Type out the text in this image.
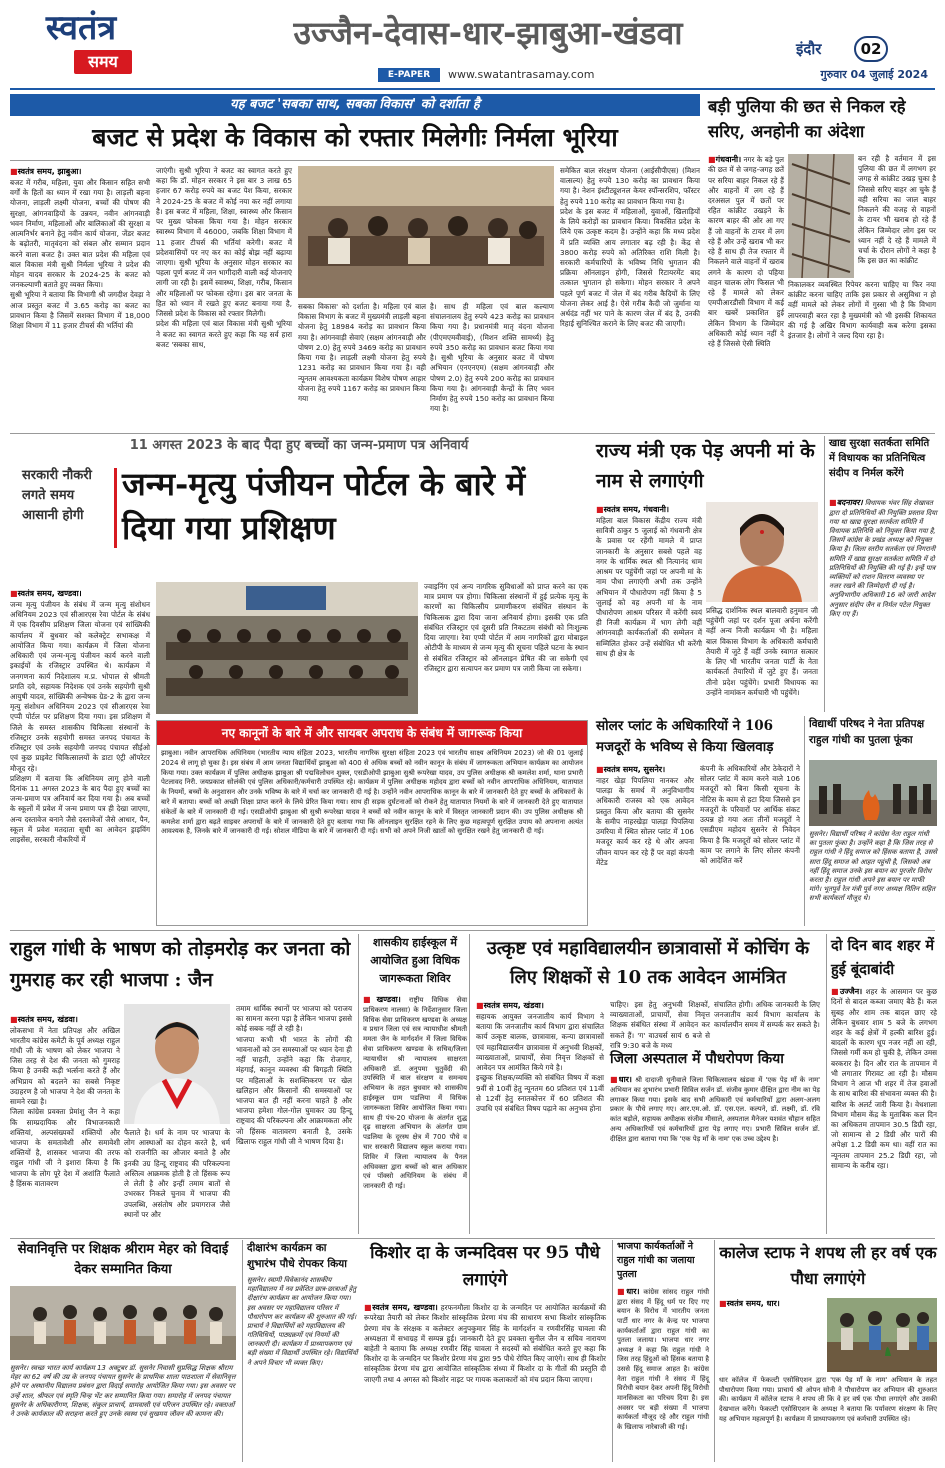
स्वतंत्र
समय
उज्जैन-देवास-धार-झाबुआ-खंडवा
E-PAPER	www.swatantrasamay.com
इंदौर	02
गुरुवार 04 जुलाई 2024
यह बजट 'सबका साथ, सबका विकास' को दर्शाता है
बजट से प्रदेश के विकास को रफ्तार मिलेगीः निर्मला भूरिया
■ स्वतंत्र समय, झाबुआ।
बजट में गरीब, महिला, युवा और किसान सहित सभी वर्गों के हितों का ध्यान में रखा गया है। लाड़ली बहना योजना, लाड़ली लक्ष्मी योजना, बच्चों की पोषण की सुरक्षा, आंगनवाड़ियों के उन्नयन, नवीन आंगनवाड़ी भवन निर्माण, महिलाओं और बालिकाओं की सुरक्षा व आत्मनिर्भर बनाने हेतु नवीन कार्य योजना, जेंडर बजट के बढ़ोतरी, मातृवंदना को संबल और सम्मान प्रदान करने वाला बजट है। उक्त बात प्रदेश की महिला एवं बाल विकास मंत्री सुश्री निर्मला भूरिया ने प्रदेश की मोहन यादव सरकार के 2024-25 के बजट को जनकल्याणी बताते हुए व्यक्त किया।
सुश्री भूरिया ने बताया कि विभागी श्री जगदीश देवड़ा ने आज प्रस्तुत बजट में 3.65 करोड़ का बजट का प्रावधान किया है जिसमें सशक्त विभाग में 18,000 शिक्षा विभाग में 11 हजार टीचर्स की भर्तियां की
जाएंगी। सुश्री भूरिया ने बजट का स्वागत करते हुए कहा कि डॉ. मोहन सरकार ने इस बार 3 लाख 65 हजार 67 करोड़ रुपये का बजट पेश किया, सरकार ने 2024-25 के बजट में कोई नया कर नहीं लगाया है। इस बजट में महिला, शिक्षा, स्वास्थ्य और किसान पर मुख्य फोकस किया गया है। मोहन सरकार स्वास्थ्य विभाग में 46000, जबकि शिक्षा विभाग में 11 हजार टीचर्स की भर्तियां करेगी। बजट में प्रदेशवासियों पर नए कर का कोई बोझ नहीं बढ़ाया जाएगा। सुश्री भूरिया के अनुसार मोहन सरकार का पहला पूर्ण बजट में जन भागीदारी वाली कई योजनाएं लागी जा रही है। इसमें स्वास्थ्य, शिक्षा, गरीब, किसान और महिलाओं पर फोकस रहेगा। इस बार जनता के हित को ध्यान में रखते हुए बजट बनाया गया है, जिससे प्रदेश के विकास को रफ्तार मिलेगी।
प्रदेश की महिला एवं बाल विकास मंत्री सुश्री भूरिया ने बजट का स्वागत करते हुए कहा कि यह सर्व हारा बजट 'सबका साथ,
सबका विकास' को दर्शाता है। महिला एवं बाल विकास विभाग के बजट में मुख्यमंत्री लाड़ली बहना योजना हेतु 18984 करोड़ का प्रावधान किया गया है। आंगनवाड़ी सेवाएं (सक्षम आंगनवाड़ी और पोषण 2.0) हेतु रुपये 3469 करोड़ का प्रावधान किया गया है। लाड़ली लक्ष्मी योजना हेतु रुपये 1231 करोड़ का प्रावधान किया गया है। वही न्यूनतम आवश्यकता कार्यक्रम विशेष पोषण आहार योजना हेतु रुपये 1167 करोड़ का प्रावधान किया गया
है। साथ ही महिला एवं बाल कल्याण संचालनालय हेतु रुपये 423 करोड़ का प्रावधान किया गया है। प्रधानमंत्री मातृ वंदना योजना (पीएमएमवीवाई), (मिशन शक्ति सामर्थ्य) हेतु रुपये 350 करोड़ का प्रावधान बजट किया गया है। सुश्री भूरिया के अनुसार बजट में पोषण अभियान (एनएनएम) (सक्षम आंगनवाड़ी और पोषण 2.0) हेतु रुपये 200 करोड़ का प्रावधान किया गया है। आंगनवाड़ी केन्द्रों के लिए भवन निर्माण हेतु रुपये 150 करोड़ का प्रावधान किया गया है।
समेकित बाल संरक्षण योजना (आईसीपीएस) (मिशन वात्सल्य) हेतु रुपये 130 करोड़ का प्रावधान किया गया है। नेशन इंस्टीट्यूशनल केयर स्पॉन्सरशिप, फॉस्टर हेतु रुपये 110 करोड़ का प्रावधान किया गया है।
प्रदेश के इस बजट में महिलाओं, युवाओं, खिलाड़ियों के लिये करोड़ों का प्रावधान किया। विकसित प्रदेश के लिये एक उत्कृष्ट कदम है। उन्होंने कहा कि मध्य प्रदेश में प्रति व्यक्ति आय लगातार बढ़ रही है। केंद्र से 3800 करोड़ रुपये को अतिरिक्त राशि मिली है। सरकारी कर्मचारियों के भविष्य निधि भुगतान की प्रक्रिया ऑनलाइन होगी, जिससे रिटायरमेंट बाद तत्काल भुगतान हो सकेगा। मोहन सरकार ने अपने पहले पूर्ण बजट में जेल में बंद गरीब कैदियों के लिए योजना लेकर आई है। ऐसे गरीब कैदी जो जुर्माना या अर्थदंड नहीं भर पाने के कारण जेल में बंद है, उनकी रिहाई सुनिश्चित कराने के लिए बजट की जाएगी।
बड़ी पुलिया की छत से निकल रहे सरिए, अनहोनी का अंदेशा
■ गंधवानी। नगर के बड़े पुल की छत में से जगह-जगह छतें पर सरिया बाहर निकल रहे हैं और वाहनों में लग रहे हैं दरअसल पुल में छतों पर रहित कांक्रीट उखड़ने के कारण बाहर की ओर आ गए हैं जो वाहनों के टायर में लग रहे हैं और उन्हें खराब भी कर रहे हैं साथ ही तेज रफ्तार में निकलने वाले वाहनों में खराब लगने के कारण दो पहिया वाहन चालक लोग फिसल भी रहे हैं मामले को लेकर एमपीआरडीसी विभाग में कई बार खबरें प्रकाशित हुई लेकिन विभाग के जिम्मेदार अधिकारी कोई ध्यान नहीं दे रहे हैं जिससे ऐसी स्थिति
बन रही है वर्तमान में इस पुलिया की छत में लगभग हर जगह से कांक्रीट उखड़ चुका है जिससे सरिए बाहर आ चुके हैं वही सरिया का जाल बाहर निकलने की वजह से वाहनों के टायर भी खराब हो रहे हैं लेकिन जिम्मेदार लोग इस पर ध्यान नहीं दे रहे हैं मामले में चर्चा के दौरान लोगों ने कहा है कि इस छत का कांक्रीट
निकालकर व्यवस्थित रिपेयर करना चाहिए या फिर नया कांक्रीट करना चाहिए ताकि इस प्रकार से असुविधा न हो वहीं मामले को लेकर लोगों में गुस्सा भी है कि विभाग लापरवाही बरत रहा है मुख्यमंत्री को भी इसकी शिकायत की गई है अखिर विभाग कार्यवाही कब करेगा इसका इंतजार है। लोगों ने जल्द दिया रहा है।
11 अगस्त 2023 के बाद पैदा हुए बच्चों का जन्म-प्रमाण पत्र अनिवार्य
सरकारी नौकरी लगते समय आसानी होगी
जन्म-मृत्यु पंजीयन पोर्टल के बारे में दिया गया प्रशिक्षण
■ स्वतंत्र समय, खण्डवा।
जन्म मृत्यु पंजीयन के संबंध में जन्म मृत्यु संशोधन अधिनियम 2023 एवं सीआरएस रेवा पोर्टल के संबंध में एक दिवसीय प्रशिक्षण जिला योजना एवं सांख्यिकी कार्यालय में बुधवार को कलेक्ट्रेट सभाकक्ष में आयोजित किया गया। कार्यक्रम में जिला योजना अधिकारी एवं जन्म-मृत्यु पंजीयन कार्य करने वाली इकाईयों के रजिस्ट्रार उपस्थित थे। कार्यक्रम में जनगणना कार्य निदेशालय म.प्र. भोपाल से श्रीमती प्रगति दवे, सहायक निदेशक एवं उनके सहयोगी सुश्री आयुषी यादव, सांख्यिकी अन्वेषक ग्रेड-2 के द्वारा जन्म मृत्यु संशोधन अधिनियम 2023 एवं सीआरएस रेवा एप्पी पोर्टल पर प्रशिक्षण दिया गया। इस प्रशिक्षण में जिले के समस्त शासकीय चिकित्सा संस्थानों के रजिस्ट्रार उनके सहयोगी समस्त जनपद पंचायत के रजिस्ट्रार एवं उनके सहयोगी जनपद पंचायत सीईओ एवं कुछ प्राइवेट चिकित्सालयों के डाटा एंट्री ऑपरेटर मौजूद रहे।
प्रशिक्षण में बताया कि अधिनियम लागू होने वाली दिनांक 11 अगस्त 2023 के बाद पैदा हुए बच्चों का जन्म-प्रमाण पत्र अनिवार्य कर दिया गया है। अब बच्चों के स्कूलों में प्रवेश में जन्म प्रमाण पत्र ही देखा जाएगा, अन्य दस्तावेज बनाने जैसे दस्तावेजों जैसे आधार, पैन, स्कूल में प्रवेश मतदाता सूची का आवेदन ड्राइविंग लाइसेंस, सरकारी नौकरियों में
ज्वाइनिंग एवं अन्य नागरिक सुविधाओं को प्राप्त करने का एक मात्र प्रमाण पत्र होगा। चिकित्सा संस्थानों में हुई प्रत्येक मृत्यु के कारणों का चिकित्सीय प्रमाणीकरण संबंधित संस्थान के चिकित्सक द्वारा दिया जाना अनिवार्य होगा। इसकी एक प्रति संबंधित रजिस्ट्रार एवं दूसरी प्रति निकटतम संबंधी को निःशुल्क दिया जाएगा। रेवा एप्पी पोर्टल में आम नागरिकों द्वारा मोबाइल ओटीपी के माध्यम से जन्म मृत्यु की सूचना पहिले घटना के स्थान से संबंधित रजिस्ट्रार को ऑनलाइन प्रेषित की जा सकेगी एवं रजिस्ट्रार द्वारा सत्यापन कर प्रमाण पत्र जारी किया जा सकेगा।
राज्य मंत्री एक पेड़ अपनी मां के नाम से लगाएंगी
■ स्वतंत्र समय, गंधवानी।
महिला बाल विकास केंद्रीय राज्य मंत्री सावित्री ठाकुर 5 जुलाई को गंधवानी क्षेत्र के प्रवास पर रहेंगी मामले में प्राप्त जानकारी के अनुसार सबसे पहले वह नगर के धार्मिक स्थल श्री नित्यानंद धाम आश्रम पर पहुंचेंगी जहां पर अपनी मां के नाम पौधा लगाएंगी अभी तक उन्होंने अभियान में पौधारोपण नहीं किया है 5 जुलाई को वह अपनी मां के नाम पौधारोपण आश्रम परिसर में करेंगी स्वयं ही निजी कार्यक्रम में भाग लेगी वहीं आंगनवाड़ी कार्यकर्ताओं की सम्मेलन में सम्मिलित होकर उन्हें संबोधित भी करेंगी साथ ही क्षेत्र के
प्रसिद्ध दार्शनिक स्थल बालवारी हनुमान जी पहुंचेंगी जहां पर दर्शन पूजा अर्चना करेंगी वहीं अन्य निजी कार्यक्रम भी है। महिला बाल विकास विभाग के अधिकारी कर्मचारी तैयारी में जुटे हैं वहीं उनके स्वागत सत्कार के लिए भी भारतीय जनता पार्टी के नेता कार्यकर्ता तैयारियों में जुटे हुए हैं। जनता तीनो प्रदेश पहुंचेंगे। प्रभारी विधायक का उन्होंने नामांकन कर्मचारी भी पहुंचेंगे।
खाद्य सुरक्षा सतर्कता समिति में विधायक का प्रतिनिधित्व संदीप व निर्मल करेंगे
■ बदनावर। विधायक भंवर सिंह शेखावत द्वारा दो प्रतिनिधियों की नियुक्ति प्रस्ताव दिया गया था खाद्य सुरक्षा सतर्कता समिति में विधायक प्रतिनिधि को नियुक्त किया गया है, जिसमें कांग्रेस के प्रखंड अध्यक्ष को नियुक्त किया है। जिला स्तरीय सतर्कता एवं निगरानी समिति में खाद्य सुरक्षा सतर्कता समिति में दो प्रतिनिधियों की नियुक्ति की गई है। इन्हें पात्र व्यक्तियों को राशन वितरण व्यवस्था पर नजर रखने की जिम्मेदारी दी गई है। अनुविभागीय अधिकारी 16 को जारी आदेश अनुसार संदीप जैन व निर्मल पटेल नियुक्त किए गए हैं।
नए कानूनों के बारे में और सायबर अपराध के संबंध में जागरूक किया
झाबुआ। नवीन आपराधिक अधिनियम (भारतीय न्याय संहिता 2023, भारतीय नागरिक सुरक्षा संहिता 2023 एवं भारतीय साक्ष्य अधिनियम 2023) जो की 01 जुलाई 2024 से लागू हो चुका है। इस संबंध में आम जनता विद्यार्थियों झाबुआ को 400 से अधिक बच्चों को नवीन कानून के संबंध में जागरूकता अभियान कार्यक्रम का आयोजन किया गया। उक्त कार्यक्रम में पुलिस अधीक्षक झाबुआ श्री पद्मविलोचन शुक्ल, एसडीओपी झाबुआ सुश्री रूपरेखा यादव, उप पुलिस अधीक्षक श्री कमलेश शर्मा, थाना प्रभारी पेटलावद निरी. जयप्रकाश सोलंकी एवं पुलिस अधिकारी/कर्मचारी उपस्थित रहे। कार्यक्रम में पुलिस अधीक्षक महोदय द्वारा बच्चों को नवीन आपराधिक अधिनियम, यातायात के नियमों, बच्चों के अनुशासन और उनके भविष्य के बारे में चर्चा कर जानकारी दी गई है। उन्होंने नवीन आपराधिक कानून के बारे में जानकारी देते हुए बच्चों के अधिकारों के बारे में बताया। बच्चों को अच्छी शिक्षा प्राप्त करने के लिये प्रेरित किया गया। साथ ही सड़क दुर्घटनाओं को रोकने हेतु यातायात नियमों के बारे में जानकारी देते हुए यातायात संकेतों के बारे में जानकारी दी गई। एसडीओपी झाबुआ श्री सुश्री रूपरेखा यादव ने बच्चों को नवीन कानून के बारे में विस्तृत जानकारी प्रदान की। उप पुलिस अधीक्षक श्री कमलेश शर्मा द्वारा बढ़ते साइबर अपराधों के बारे में जानकारी देते हुए बताया गया कि ऑनलाइन सुरक्षित रहने के लिए कुछ महत्वपूर्ण सुरक्षित उपाय को अपनाना अत्यंत आवश्यक है, जिनके बारे में जानकारी दी गई। सोशल मीडिया के बारे में जानकारी दी गई। सभी को अपने निजी खातों को सुरक्षित रखने हेतु जानकारी दी गई।
सोलर प्लांट के अधिकारियों ने 106 मजदूरों के भविष्य से किया खिलवाड़
■ स्वतंत्र समय, सुसनेर।
नाहर खेड़ा पिपलिया नानकर और पालड़ा के समर्थ में अनुविभागीय अधिकारी राजस्व को एक आवेदन प्रस्तुत किया और बताया की सुसनेर के समीप नाहरखेड़ा पालड़ा पिपलिया उमरिया में स्थित सोलर प्लांट में 106 मजदूर कार्य कर रहे थे और अपना जीवन यापन कर रहे हैं पर वहां कंपनी मेंटेड
कंपनी के अधिकारियों और ठेकेदारों ने सोलर प्लांट में काम करने वाले 106 मजदूरों को बिना किसी सूचना के नोटिस के काम से हटा दिया जिससे इन मजदूरों के परिवारों पर आर्थिक संकट उत्पन्न हो गया अतः तीनों मजदूरों ने एसडीएम महोदय सुसनेर से निवेदन किया है कि मजदूरों को सोलर प्लांट में काम पर लगाने के लिए सोलर कंपनी को आदेशित करें
विद्यार्थी परिषद ने नेता प्रतिपक्ष राहुल गांधी का पुतला फूंका
सुसनेर। विद्यार्थी परिषद ने कांग्रेस नेता राहुल गांधी का पुतला फूंका है। उन्होंने कहा है कि जिस तरह से राहुल गांधी ने हिंदू समाज को हिंसक बताया है, उससे सारा हिंदू समाज को आहत पहुंची है, जिसको अब नहीं हिंदू समाज उनके इस बयान का पुरजोर विरोध करता है। राहुल गांधी अपने इस बयान पर माफी मांगे। भूतपूर्व रेल मंत्री पूर्व नगर अध्यक्ष नितिन सहित सभी कार्यकर्ता मौजूद थे।
राहुल गांधी के भाषण को तोड़मरोड़ कर जनता को गुमराह कर रही भाजपा : जैन

■ स्वतंत्र समय, खंडवा।
लोकसभा में नेता प्रतिपक्ष और अखिल भारतीय कांग्रेस कमेटी के पूर्व अध्यक्ष राहुल गांधी जी के भाषण को लेकर भाजपा ने जिस तरह से देश की जनता को गुमराह किया है उनकी कड़ी भर्त्सना करते हैं और अभिप्राय को बदलने का सबसे निकृष्ट उदाहरण है जो भाजपा ने देश की जनता के सामने रखा है।
जिला कांग्रेस प्रवक्ता प्रेमांशु जैन ने कहा कि साम्प्रदायिक और विभाजनकारी शक्तियां, अल्पसंख्यकों शक्तियों और भाजपा के समतावेशी और समावेशी शक्तियों है, शासकर भाजपा की तरफ राहुल गांधी जी ने इशारा किया है कि भाजपा के लोग पूरे देश में अशांति फैलाते है हिंसक वातावरण

फैलाते है। धर्म के नाम पर भाजपा के लोग आस्थाओं का दोहन करते है, धर्म को राजनीति का औजार बनाते है और इनकी उग्र हिन्दू राष्ट्रवाद की परिकल्पना अस्तित्व आक्रमक होती है तो हिंसक रूप ले लेती है और इन्हीं तमाम बातों से उभरकर निकले चुनाव में भाजपा की उपलब्धि, असंतोष और प्रयागराज जैसे स्थानों पर और
तमाम धार्मिक स्थानों पर भाजपा को पराजय का सामना करना पड़ा है लेकिन भाजपा इससे कोई सबक नहीं ले रही है।
भाजपा कभी भी भारत के लोगों की भावनाओं को उन समस्याओं पर ध्यान देना ही नहीं चाहती, उन्होंने कहा कि रोजगार, मंहगाई, कानून व्यवस्था की बिगड़ती स्थिति पर महिलाओं के सशक्तिकरण पर खेल खलिहान और किसानों की समस्याओं पर भाजपा बात ही नहीं करना चाहते है और भाजपा हमेशा गोल-गोल घुमाकर उग्र हिन्दू राष्ट्रवाद की परिकल्पना और आक्रामकता और जो हिंसक वातावरण बनाती है, उसके खिलाफ राहुल गांधी जी ने भाषण दिया है।
शासकीय हाईस्कूल में आयोजित हुआ विधिक जागरूकता शिविर
■ खण्डवा। राष्ट्रीय विधिक सेवा प्राधिकरण नालसा) के निर्देशानुसार जिला विधिक सेवा प्राधिकरण खण्डवा के अध्यक्ष व प्रधान जिला एवं सत्र न्यायाधीश श्रीमती ममता जैन के मार्गदर्शन में जिला विधिक सेवा प्राधिकरण खण्डवा के सचिव/जिला न्यायाधीश श्री न्यायालय साक्षरता अधिकारी डॉ. अनुपमा चुतुर्वेदी की उपस्थिति में बाल संरक्षण व समन्वय अभियान के तहत बुधवार को शासकीय हाईस्कूल ग्राम पडलिया में विधिक जागरूकता शिविर आयोजित किया गया। साथ ही पंच-20 योजना के अंतर्गत शुद्ध दृढ़ साक्षरता अभियान के अंतर्गत ग्राम पडलिया के दूरस्थ क्षेत्र में 700 पौधे व चार सरकारी विद्यालय स्कूल कराया गया। शिविर में जिला न्यायालय के पैनल अधिवक्ता द्वारा बच्चों को बाल अधिकार एवं पॉक्सो अधिनियम के संबंध में जानकारी दी गई।
उत्कृष्ट एवं महाविद्यालयीन छात्रावासों में कोचिंग के लिए शिक्षकों से 10 तक आवेदन आमंत्रित
■ स्वतंत्र समय, खंडवा।
सहायक आयुक्त जनजातीय कार्य विभाग ने बताया कि जनजातीय कार्य विभाग द्वारा संचालित कार्य उत्कृष्ट बालक, छात्रावास, कन्या छात्रावासों एवं महाविद्यालयीन छात्रावास में अनुभवी शिक्षकों, व्याख्याताओं, प्राचार्यों, सेवा निवृत्त शिक्षकों से आवेदन पत्र आमंत्रित किये गये है।
इच्छुक शिक्षक/व्यक्ति को संबंधित विषय में कक्षा 9वीं से 10वीं हेतु न्यूनतम 60 प्रतिशत एवं 11वीं से 12वीं हेतु स्नातकोत्तर में 60 प्रतिशत की उपाधि एवं संबंधित विषय पढ़ाने का अनुभव होना
चाहिए। इस हेतु अनुभवी शिक्षकों, व्याख्याताओं, प्राचार्यों, सेवा निवृत्त शिक्षक संबंधित संस्था में आवेदन कर सकते हैं। 'ग' वाउचर्स सायं 6 बजे से रात्रि 9:30 बजे के मध्य
संचालित होगी। अधिक जानकारी के लिए जनजातीय कार्य विभाग कार्यालय के कार्यालयीन समय में सम्पर्क कर सकते है।
जिला अस्पताल में पौधरोपण किया
■ धार। श्री दादाजी धूनीवाले जिला चिकित्सालय खंडवा में 'एक पेड़ माँ के नाम' अभियान का शुभारंभ प्रभारी सिविल सर्जन डॉ. संजीव कुमार दीक्षित द्वारा नीम का पेड़ लगाकर किया गया। इसके बाद सभी अधिकारी एवं कर्मचारियों द्वारा अलग-अलग प्रकार के पौधे लगाए गए। आर.एम.ओ. डॉ. एस.एल. कल्पने, डॉ. लक्ष्मी, डॉ. रवि कांत बड़ोले, सहायक अधीक्षक संजीव मीसाले, अस्पताल मैनेजर यशवंत चौहान सहित अन्य अधिकारियों एवं कर्मचारियों द्वारा पेड़ लगाए गए। प्रभारी सिविल सर्जन डॉ. दीक्षित द्वारा बताया गया कि 'एक पेड़ माँ के नाम' एक उच्च उद्देश्य है।
दो दिन बाद शहर में हुई बूंदाबांदी
■ उज्जैन। शहर के आसमान पर कुछ दिनों से बादल कब्जा जमाए बैठे हैं। कल सुबह और शाम तक बादल छाए रहे लेकिन बुधवार शाम 5 बजे के लगभग शहर के कई क्षेत्रों में हल्की बारिश हुई। बादलों के कारण धूप नजर नहीं आ रही, जिससे गर्मी कम हो चुकी है, लेकिन उमस बरकरार है। दिन और रात के तापमान में भी लगातार गिरावट आ रही है। मौसम विभाग ने आज भी शहर में तेज हवाओं के साथ बारिश की संभावना व्यक्त की है। बारिश के अलर्ट जारी किया है। वेधशाला विभाग मौसम केंद्र के मुताबिक कल दिन का अधिकतम तापमान 30.5 डिग्री रहा, जो सामान्य से 2 डिग्री और पारों की अपेक्षा 1.2 डिग्री कम था। वहीं रात का न्यूनतम तापमान 25.2 डिग्री रहा, जो सामान्य के करीब रहा।
सेवानिवृत्ति पर शिक्षक श्रीराम मेहर को विदाई देकर सम्मानित किया
सुसनेर। स्वच्छ भारत कार्य कार्यक्रम 13 अक्टूबर डॉ. सुसनेर निवासी सुप्रसिद्ध शिक्षक श्रीराम मेहर का 62 वर्ष की उम्र के जनपद पंचायत सुसनेर के प्राथमिक शाला पाठशाला में सेवानिवृत्त होने पर अस्थानीय विद्यालय प्रबंधन द्वारा विदाई समारोह आयोजित किया गया। इस अवसर पर उन्हें शाल, श्रीफल एवं स्मृति चिन्ह भेंट कर सम्मानित किया गया। समारोह में जनपद पंचायत सुसनेर के अधिकारीगण, शिक्षक, संकुल प्राचार्य, ग्रामवासी एवं परिजन उपस्थित रहे। वक्ताओं ने उनके कार्यकाल की सराहना करते हुए उनके स्वस्थ एवं सुखमय जीवन की कामना की।
दीक्षारंभ कार्यक्रम का शुभारंभ पौधे रोपकर किया
सुसनेर। स्वामी विवेकानंद शासकीय महाविद्यालय में नव प्रवेशित छात्र-छात्राओं हेतु दीक्षारंभ कार्यक्रम का आयोजन किया गया। इस अवसर पर महाविद्यालय परिसर में पौधारोपण कर कार्यक्रम की शुरुआत की गई। प्राचार्य ने विद्यार्थियों को महाविद्यालय की गतिविधियों, पाठ्यक्रमों एवं नियमों की जानकारी दी। कार्यक्रम में प्राध्यापकगण एवं बड़ी संख्या में विद्यार्थी उपस्थित रहे। विद्यार्थियों ने अपने विचार भी व्यक्त किए।
किशोर दा के जन्मदिवस पर 95 पौधे लगाएंगे
■ स्वतंत्र समय, खण्डवा। हरफनमौला किशोर दा के जन्मदिन पर आयोजित कार्यक्रमों की रूपरेखा तैयारी को लेकर किशोर सांस्कृतिक प्रेरणा मंच की साधारण सभा किशोर सांस्कृतिक प्रेरणा मंच के संरक्षक व कलेक्टर अनुपकुमार सिंह के मार्गदर्शन व रणवीरसिंह चावला की अध्यक्षता में सभाग्रह में सम्पन्न हुई। जानकारी देते हुए प्रवक्ता सुनील जैन व सचिव नारायण बाहेती ने बताया कि अध्यक्ष रणवीर सिंह चावला ने सदस्यों को संबोधित करते हुए कहा कि किशोर दा के जन्मदिन पर किशोर प्रेरणा मंच द्वारा 95 पौधे रोपित किए जाएंगे। साथ ही किशोर सांस्कृतिक प्रेरणा मंच द्वारा आयोजित सांस्कृतिक संध्या में किशोर दा के गीतों की प्रस्तुति दी जाएगी तथा 4 अगस्त को किशोर नाइट पर गायक कलाकारों को मंच प्रदान किया जाएगा।
भाजपा कार्यकर्ताओं ने राहुल गांधी का जलाया पुतला
■ धार। कांग्रेस सांसद राहुल गांधी द्वारा संसद में हिंदू धर्म पर दिए गए बयान के विरोध में भारतीय जनता पार्टी धार नगर के केन्द्र पर भाजपा कार्यकर्ताओं द्वारा राहुल गांधी का पुतला जलाया। भाजपा धार नगर अध्यक्ष ने कहा कि राहुल गांधी ने जिस तरह हिंदुओं को हिंसक बताया है उससे हिंदू समाज आहत है। कांग्रेस नेता राहुल गांधी ने संसद में हिंदू विरोधी बयान देकर अपनी हिंदू विरोधी मानसिकता का परिचय दिया है। इस अवसर पर बड़ी संख्या में भाजपा कार्यकर्ता मौजूद रहे और राहुल गांधी के खिलाफ नारेबाजी की गई।
कालेज स्टाफ ने शपथ ली हर वर्ष एक पौधा लगाएंगे
■ स्वतंत्र समय, धार।
धार कॉलेज में फेकल्टी एसोसिएशन द्वारा 'एक पेड़ माँ के नाम' अभियान के तहत पौधारोपण किया गया। प्राचार्य श्री ओपन सोनी ने पौधारोपण कर अभियान की शुरुआत की। कार्यक्रम में कॉलेज स्टाफ ने शपथ ली कि वे हर वर्ष एक पौधा लगाएंगे और उसकी देखभाल करेंगे। फेकल्टी एसोसिएशन के अध्यक्ष ने बताया कि पर्यावरण संरक्षण के लिए यह अभियान महत्वपूर्ण है। कार्यक्रम में प्राध्यापकगण एवं कर्मचारी उपस्थित रहे।
